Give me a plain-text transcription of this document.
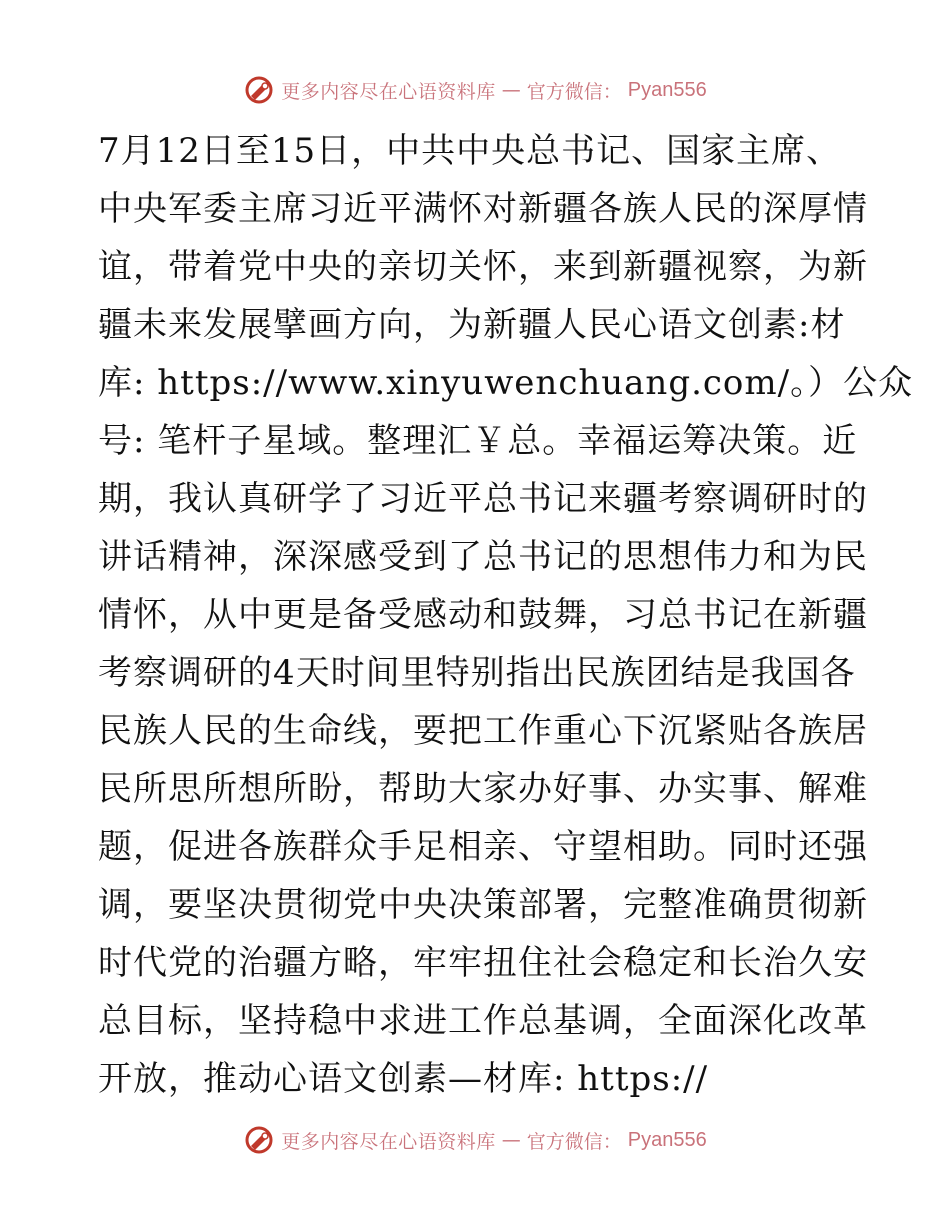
更多内容尽在心语资料库 — 官方微信： Pyan556
7月12日至15日，中共中央总书记、国家主席、
中央军委主席习近平满怀对新疆各族人民的深厚情
谊，带着党中央的亲切关怀，来到新疆视察，为新
疆未来发展擘画方向，为新疆人民心语文创素:材
库: https://www.xinyuwenchuang.com/。）公众
号: 笔杆子星域。整理汇￥总。幸福运筹决策。近
期，我认真研学了习近平总书记来疆考察调研时的
讲话精神，深深感受到了总书记的思想伟力和为民
情怀，从中更是备受感动和鼓舞，习总书记在新疆
考察调研的4天时间里特别指出民族团结是我国各
民族人民的生命线，要把工作重心下沉紧贴各族居
民所思所想所盼，帮助大家办好事、办实事、解难
题，促进各族群众手足相亲、守望相助。同时还强
调，要坚决贯彻党中央决策部署，完整准确贯彻新
时代党的治疆方略，牢牢扭住社会稳定和长治久安
总目标，坚持稳中求进工作总基调，全面深化改革
开放，推动心语文创素—材库: https://
更多内容尽在心语资料库 — 官方微信： Pyan556
